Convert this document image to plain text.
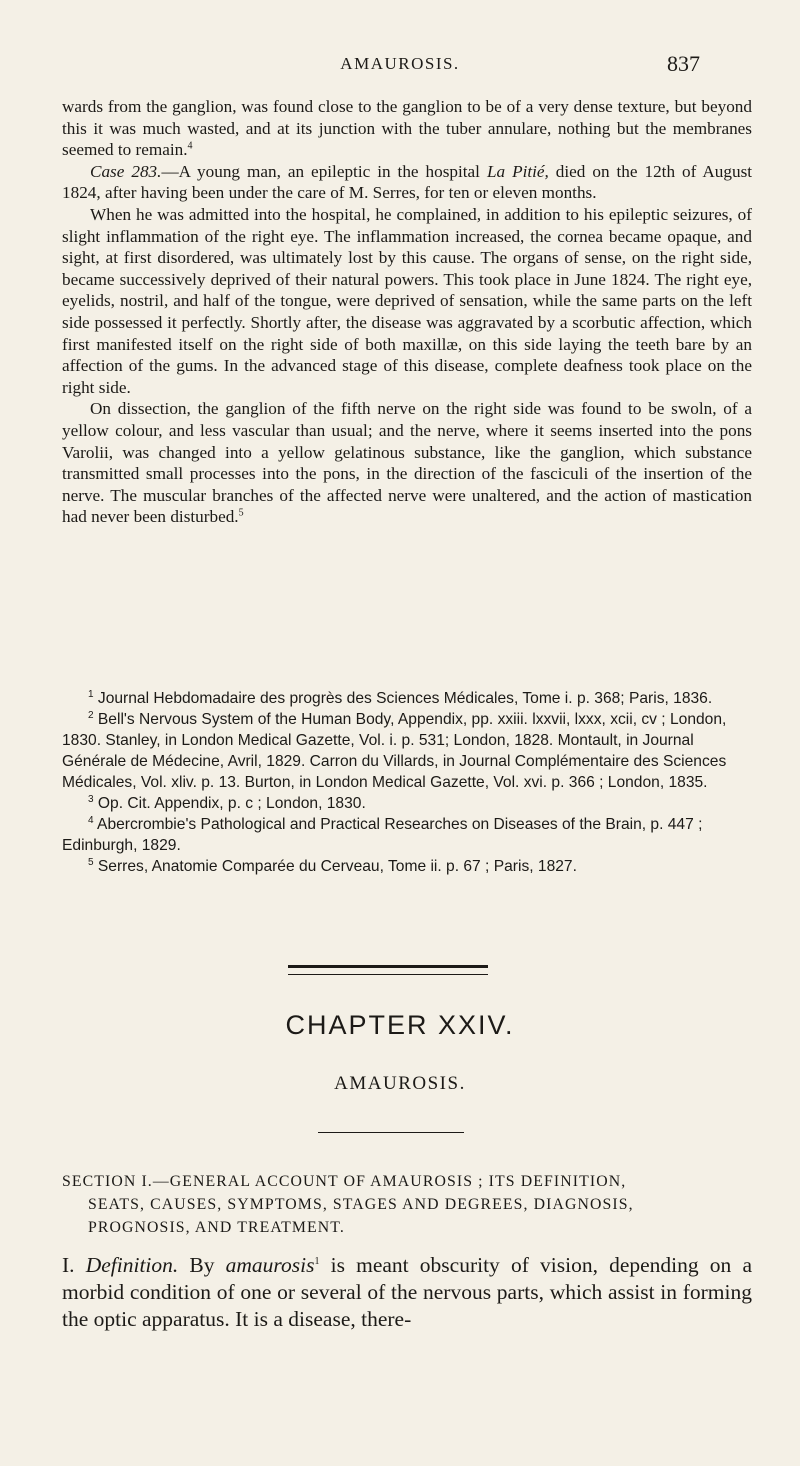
AMAUROSIS.	837

wards from the ganglion, was found close to the ganglion to be of a very dense texture, but beyond this it was much wasted, and at its junction with the tuber annulare, nothing but the membranes seemed to remain.$^4$

Case 283.—A young man, an epileptic in the hospital La Pitié, died on the 12th of August 1824, after having been under the care of M. Serres, for ten or eleven months.

When he was admitted into the hospital, he complained, in addition to his epileptic seizures, of slight inflammation of the right eye. The inflammation increased, the cornea became opaque, and sight, at first disordered, was ultimately lost by this cause. The organs of sense, on the right side, became successively deprived of their natural powers. This took place in June 1824. The right eye, eyelids, nostril, and half of the tongue, were deprived of sensation, while the same parts on the left side possessed it perfectly. Shortly after, the disease was aggravated by a scorbutic affection, which first manifested itself on the right side of both maxillæ, on this side laying the teeth bare by an affection of the gums. In the advanced stage of this disease, complete deafness took place on the right side.

On dissection, the ganglion of the fifth nerve on the right side was found to be swoln, of a yellow colour, and less vascular than usual; and the nerve, where it seems inserted into the pons Varolii, was changed into a yellow gelatinous substance, like the ganglion, which substance transmitted small processes into the pons, in the direction of the fasciculi of the insertion of the nerve. The muscular branches of the affected nerve were unaltered, and the action of mastication had never been disturbed.$^5$

$^1$ Journal Hebdomadaire des progrès des Sciences Médicales, Tome i. p. 368; Paris, 1836.

$^2$ Bell's Nervous System of the Human Body, Appendix, pp. xxiii. lxxvii, lxxx, xcii, cv ; London, 1830. Stanley, in London Medical Gazette, Vol. i. p. 531; London, 1828. Montault, in Journal Générale de Médecine, Avril, 1829. Carron du Villards, in Journal Complémentaire des Sciences Médicales, Vol. xliv. p. 13. Burton, in London Medical Gazette, Vol. xvi. p. 366 ; London, 1835.

$^3$ Op. Cit. Appendix, p. c ; London, 1830.

$^4$ Abercrombie's Pathological and Practical Researches on Diseases of the Brain, p. 447 ; Edinburgh, 1829.

$^5$ Serres, Anatomie Comparée du Cerveau, Tome ii. p. 67 ; Paris, 1827.

CHAPTER XXIV.
AMAUROSIS.
SECTION I.—GENERAL ACCOUNT OF AMAUROSIS ; ITS DEFINITION,
SEATS, CAUSES, SYMPTOMS, STAGES AND DEGREES, DIAGNOSIS,
PROGNOSIS, AND TREATMENT.
I. Definition. By amaurosis$^1$ is meant obscurity of vision, depending on a morbid condition of one or several of the nervous parts, which assist in forming the optic apparatus. It is a disease, there-
